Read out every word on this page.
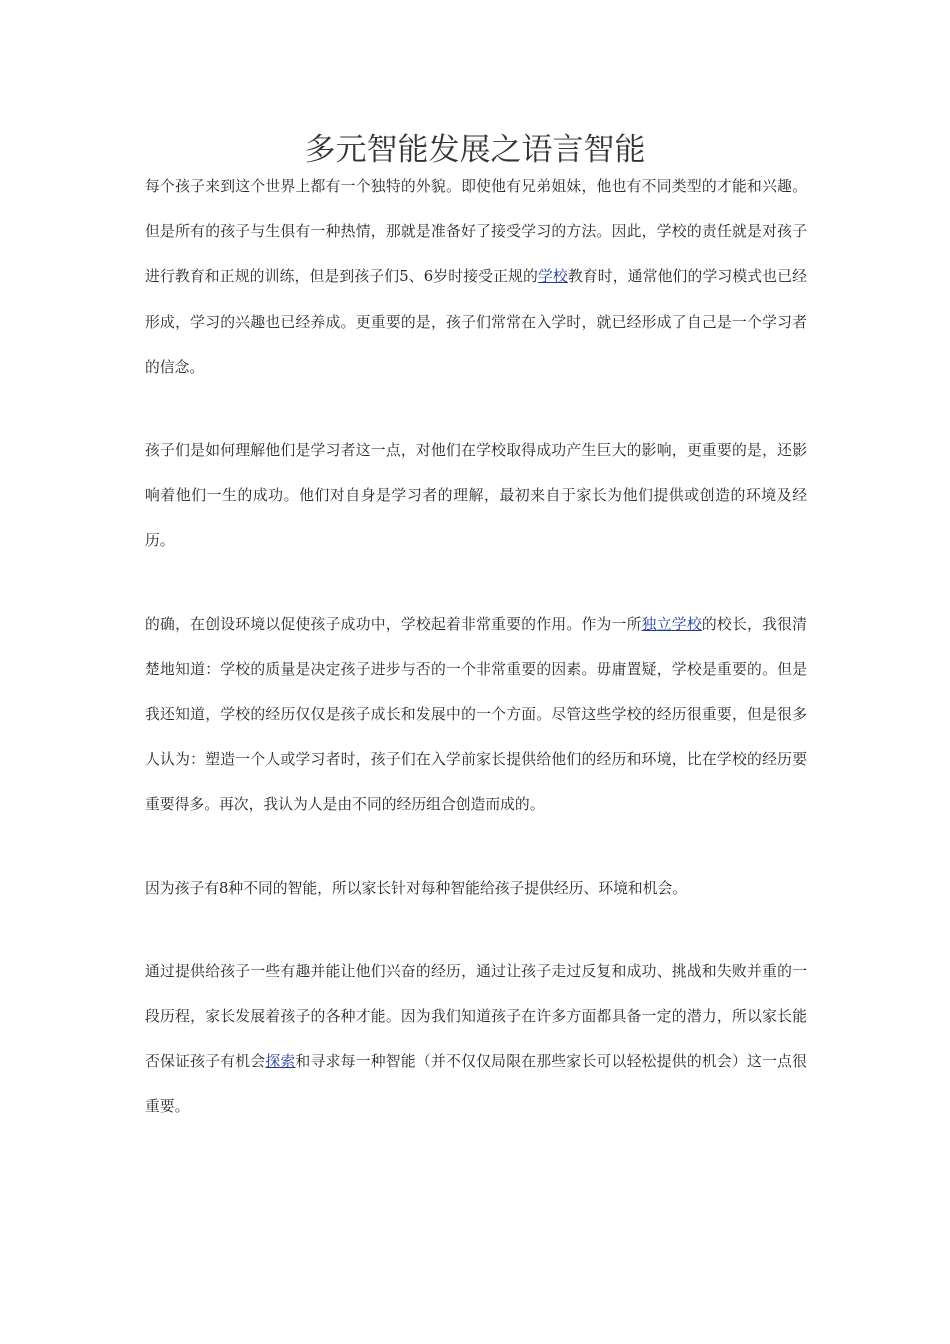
多元智能发展之语言智能

每个孩子来到这个世界上都有一个独特的外貌。即使他有兄弟姐妹，他也有不同类型的才能和兴趣。但是所有的孩子与生俱有一种热情，那就是准备好了接受学习的方法。因此，学校的责任就是对孩子进行教育和正规的训练，但是到孩子们5、6岁时接受正规的学校教育时，通常他们的学习模式也已经形成，学习的兴趣也已经养成。更重要的是，孩子们常常在入学时，就已经形成了自己是一个学习者的信念。

孩子们是如何理解他们是学习者这一点，对他们在学校取得成功产生巨大的影响，更重要的是，还影响着他们一生的成功。他们对自身是学习者的理解，最初来自于家长为他们提供或创造的环境及经历。

的确，在创设环境以促使孩子成功中，学校起着非常重要的作用。作为一所独立学校的校长，我很清楚地知道：学校的质量是决定孩子进步与否的一个非常重要的因素。毋庸置疑，学校是重要的。但是我还知道，学校的经历仅仅是孩子成长和发展中的一个方面。尽管这些学校的经历很重要，但是很多人认为：塑造一个人或学习者时，孩子们在入学前家长提供给他们的经历和环境，比在学校的经历要重要得多。再次，我认为人是由不同的经历组合创造而成的。

因为孩子有8种不同的智能，所以家长针对每种智能给孩子提供经历、环境和机会。

通过提供给孩子一些有趣并能让他们兴奋的经历，通过让孩子走过反复和成功、挑战和失败并重的一段历程，家长发展着孩子的各种才能。因为我们知道孩子在许多方面都具备一定的潜力，所以家长能否保证孩子有机会探索和寻求每一种智能（并不仅仅局限在那些家长可以轻松提供的机会）这一点很重要。
